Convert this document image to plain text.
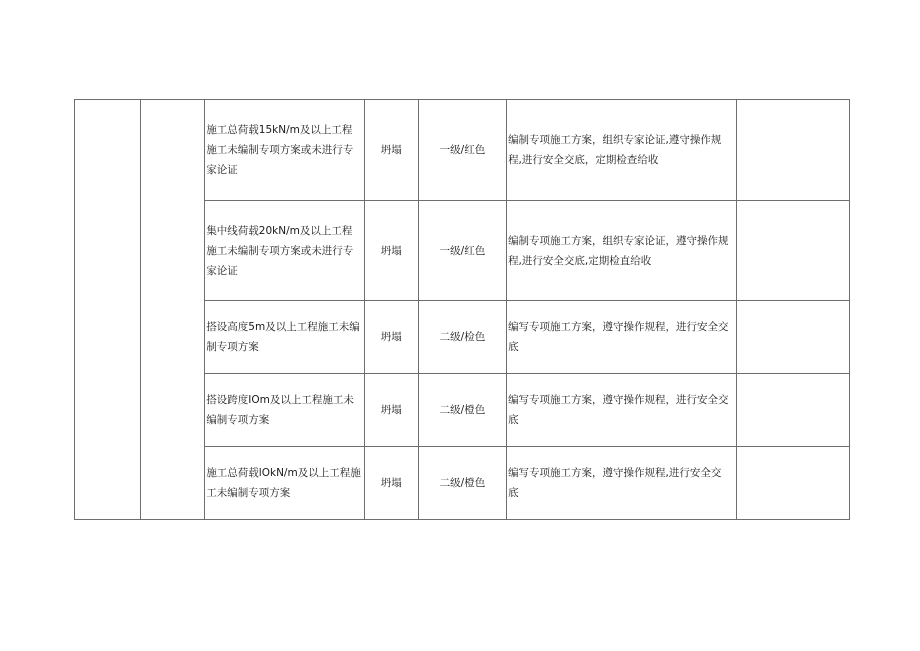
		施工总荷载15kN/m及以上工程施工未编制专项方案或未进行专家论证	坍塌	一级/红色	编制专项施工方案，组织专家论证,遵守操作规程,进行安全交底，定期检查给收	
		集中线荷载20kN/m及以上工程施工未编制专项方案或未进行专家论证	坍塌	一级/红色	编制专项施工方案，组织专家论证，遵守操作规程,进行安全交底,定期检直给收	
		搭设高度5m及以上工程施工未编制专项方案	坍塌	二级/检色	编写专项施工方案，遵守操作规程，进行安全交底	
		搭设跨度IOm及以上工程施工未编制专项方案	坍塌	二级/橙色	编写专项施工方案，遵守操作规程，进行安全交底	
		施工总荷载lOkN/m及以上工程施工未编制专项方案	坍塌	二级/橙色	编写专项施工方案，遵守操作规程,进行安全交底	
